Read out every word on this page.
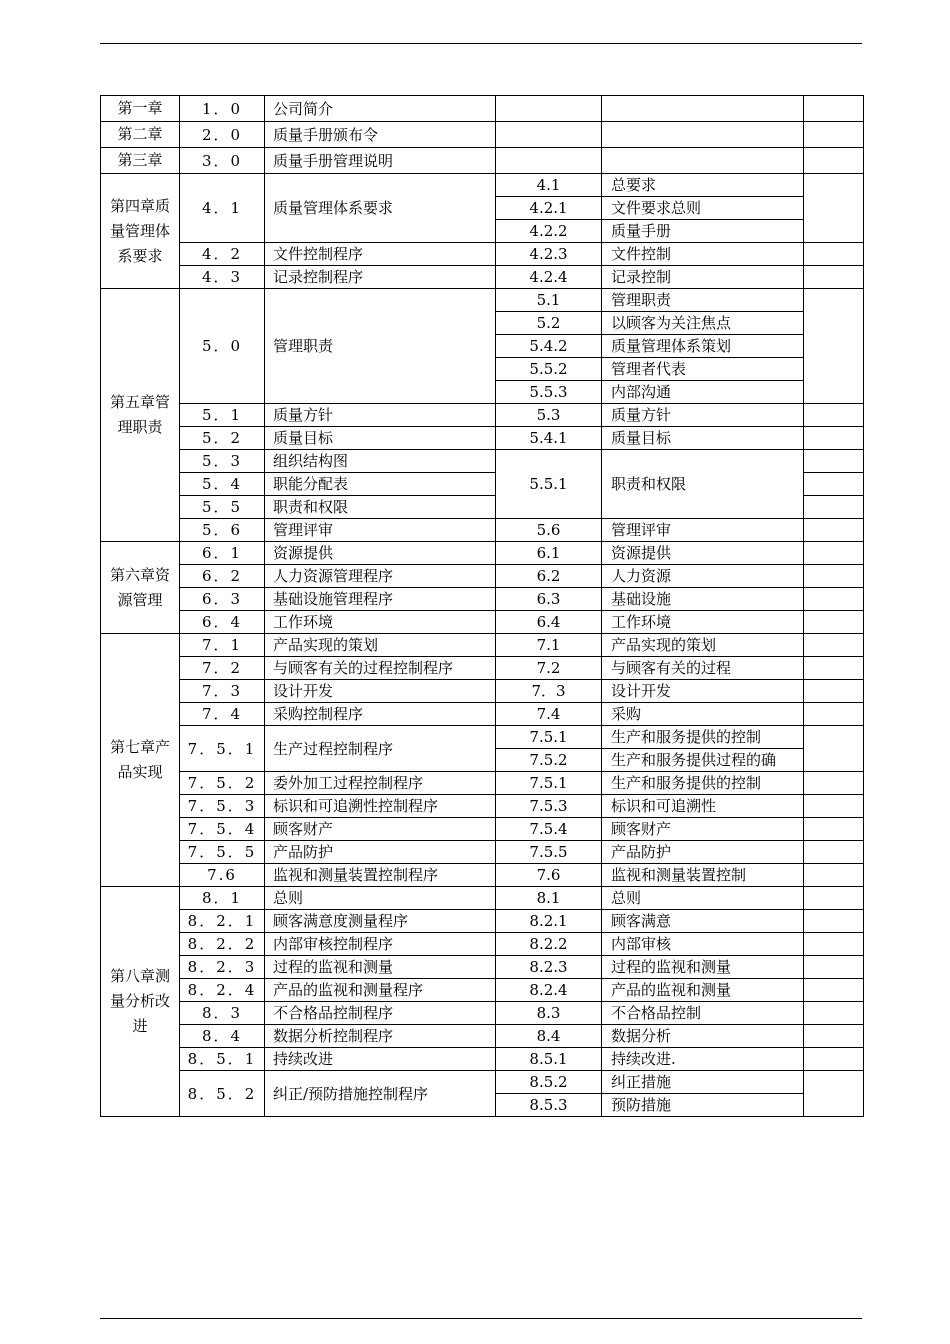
第一章	1．0	公司简介			
第二章	2．0	质量手册颁布令			
第三章	3．0	质量手册管理说明			
第四章质量管理体系要求	4．1	质量管理体系要求	4.1	总要求	
			4.2.1	文件要求总则	
			4.2.2	质量手册	
	4．2	文件控制程序	4.2.3	文件控制	
	4．3	记录控制程序	4.2.4	记录控制	
第五章管理职责	5．0	管理职责	5.1	管理职责	
			5.2	以顾客为关注焦点	
			5.4.2	质量管理体系策划	
			5.5.2	管理者代表	
			5.5.3	内部沟通	
	5．1	质量方针	5.3	质量方针	
	5．2	质量目标	5.4.1	质量目标	
	5．3	组织结构图	5.5.1	职责和权限	
	5．4	职能分配表			
	5．5	职责和权限			
	5．6	管理评审	5.6	管理评审	
第六章资源管理	6．1	资源提供	6.1	资源提供	
	6．2	人力资源管理程序	6.2	人力资源	
	6．3	基础设施管理程序	6.3	基础设施	
	6．4	工作环境	6.4	工作环境	
第七章产品实现	7．1	产品实现的策划	7.1	产品实现的策划	
	7．2	与顾客有关的过程控制程序	7.2	与顾客有关的过程	
	7．3	设计开发	7．3	设计开发	
	7．4	采购控制程序	7.4	采购	
	7．5．1	生产过程控制程序	7.5.1	生产和服务提供的控制	
			7.5.2	生产和服务提供过程的确	
	7．5．2	委外加工过程控制程序	7.5.1	生产和服务提供的控制	
	7．5．3	标识和可追溯性控制程序	7.5.3	标识和可追溯性	
	7．5．4	顾客财产	7.5.4	顾客财产	
	7．5．5	产品防护	7.5.5	产品防护	
	7.6	监视和测量装置控制程序	7.6	监视和测量装置控制	
第八章测量分析改进	8．1	总则	8.1	总则	
	8．2．1	顾客满意度测量程序	8.2.1	顾客满意	
	8．2．2	内部审核控制程序	8.2.2	内部审核	
	8．2．3	过程的监视和测量	8.2.3	过程的监视和测量	
	8．2．4	产品的监视和测量程序	8.2.4	产品的监视和测量	
	8．3	不合格品控制程序	8.3	不合格品控制	
	8．4	数据分析控制程序	8.4	数据分析	
	8．5．1	持续改进	8.5.1	持续改进.	
	8．5．2	纠正/预防措施控制程序	8.5.2	纠正措施	
			8.5.3	预防措施	
